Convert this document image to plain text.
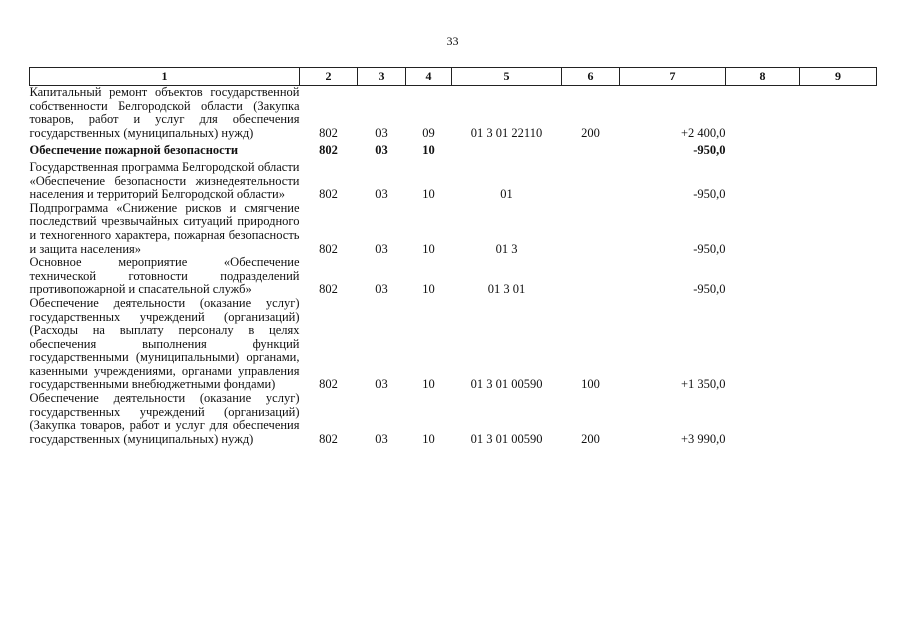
33
1	2	3	4	5	6	7	8	9
Капитальный ремонт объектов государственной собственности Белгородской области (Закупка товаров, работ и услуг для обеспечения государственных (муниципальных) нужд)	802	03	09	01 3 01 22110	200	+2 400,0		
Обеспечение пожарной безопасности	802	03	10			-950,0		
Государственная программа Белгородской области «Обеспечение безопасности жизнедеятельности населения и территорий Белгородской области»	802	03	10	01		-950,0		
Подпрограмма «Снижение рисков и смягчение последствий чрезвычайных ситуаций природного и техногенного характера, пожарная безопасность и защита населения»	802	03	10	01 3		-950,0		
Основное мероприятие «Обеспечение технической готовности подразделений противопожарной и спасательной служб»	802	03	10	01 3 01		-950,0		
Обеспечение деятельности (оказание услуг) государственных учреждений (организаций) (Расходы на выплату персоналу в целях обеспечения выполнения функций государственными (муниципальными) органами, казенными учреждениями, органами управления государственными внебюджетными фондами)	802	03	10	01 3 01 00590	100	+1 350,0		
Обеспечение деятельности (оказание услуг) государственных учреждений (организаций) (Закупка товаров, работ и услуг для обеспечения государственных (муниципальных) нужд)	802	03	10	01 3 01 00590	200	+3 990,0		
